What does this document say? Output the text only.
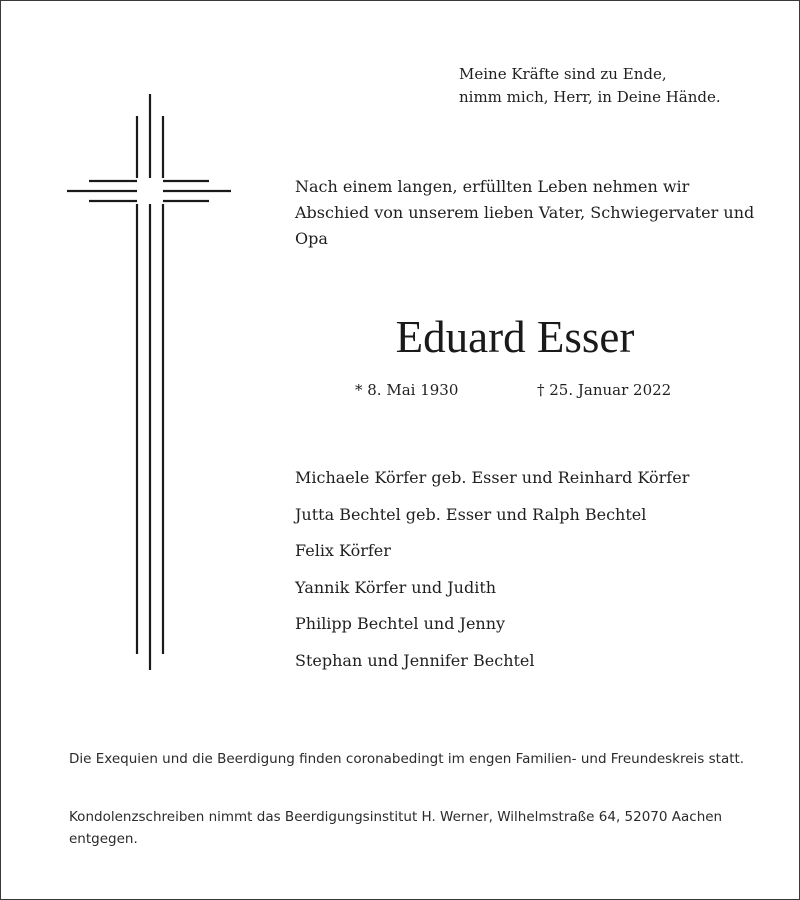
Meine Kräfte sind zu Ende,
nimm mich, Herr, in Deine Hände.
Nach einem langen, erfüllten Leben nehmen wir Abschied von unserem lieben Vater, Schwiegervater und Opa
Eduard Esser
* 8. Mai 1930	† 25. Januar 2022
Michaele Körfer geb. Esser und Reinhard Körfer
Jutta Bechtel geb. Esser und Ralph Bechtel
Felix Körfer
Yannik Körfer und Judith
Philipp Bechtel und Jenny
Stephan und Jennifer Bechtel
Die Exequien und die Beerdigung finden coronabedingt im engen Familien- und Freundeskreis statt.
Kondolenzschreiben nimmt das Beerdigungsinstitut H. Werner, Wilhelmstraße 64, 52070 Aachen entgegen.
